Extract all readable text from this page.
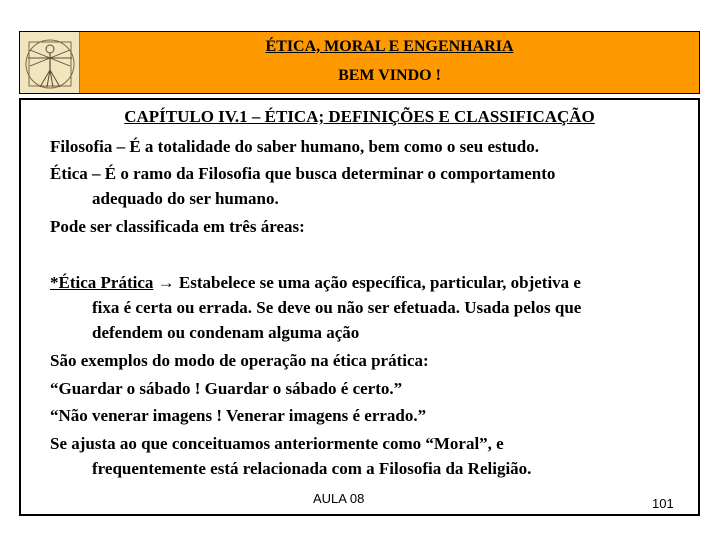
ÉTICA, MORAL E ENGENHARIA
BEM VINDO !
CAPÍTULO IV.1 – ÉTICA; DEFINIÇÕES E CLASSIFICAÇÃO
Filosofia – É a totalidade do saber humano, bem como o seu estudo.
Ética – É o ramo da Filosofia que busca determinar o comportamento
adequado do ser humano.
Pode ser classificada em três áreas:
*Ética Prática → Estabelece se uma ação específica, particular, objetiva e
fixa é certa ou errada. Se deve ou não ser efetuada. Usada pelos que
defendem ou condenam alguma ação
São exemplos do modo de operação na ética prática:
“Guardar o sábado ! Guardar o sábado é certo.”
“Não venerar imagens ! Venerar imagens é errado.”
Se ajusta ao que conceituamos anteriormente como “Moral”, e
frequentemente está relacionada com a Filosofia da Religião.
AULA 08	101
